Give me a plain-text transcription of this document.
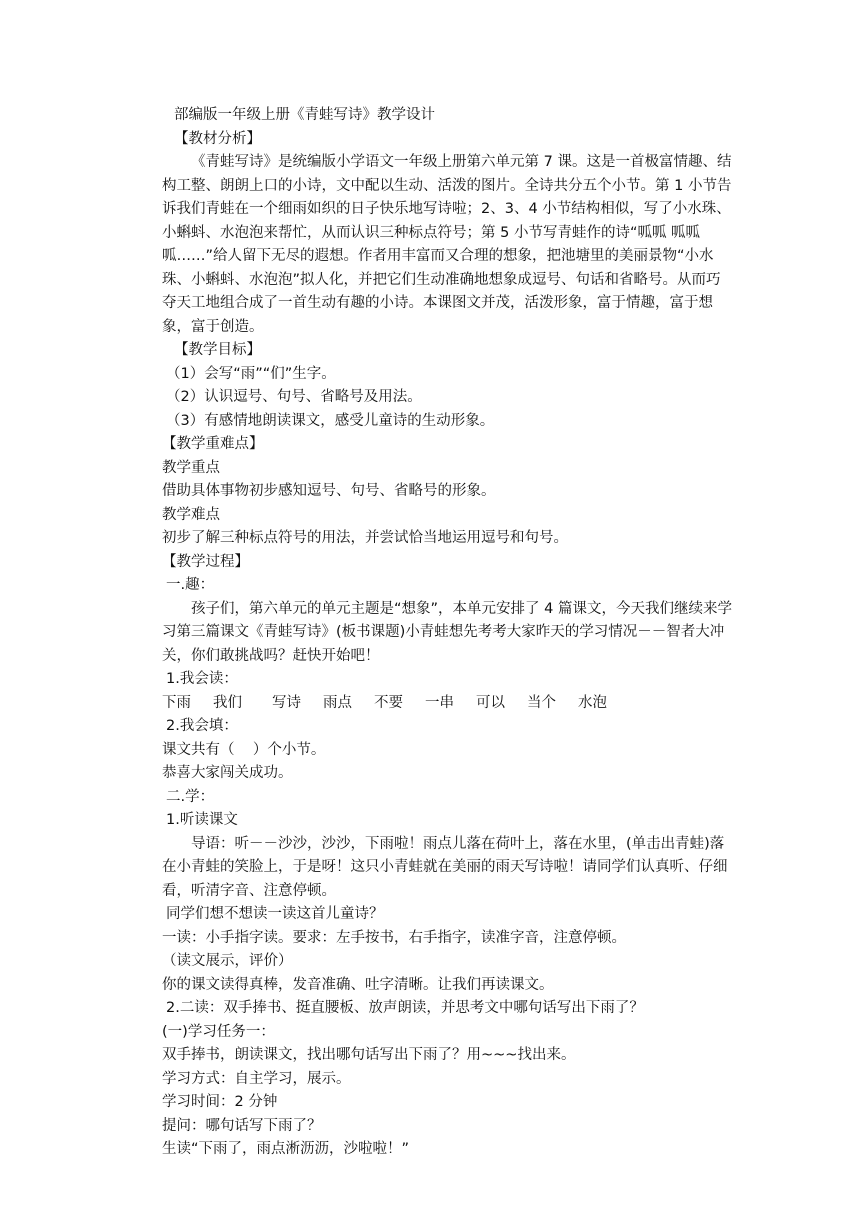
部编版一年级上册《青蛙写诗》教学设计

【教材分析】

《青蛙写诗》是统编版小学语文一年级上册第六单元第 7 课。这是一首极富情趣、结构工整、朗朗上口的小诗，文中配以生动、活泼的图片。全诗共分五个小节。第 1 小节告诉我们青蛙在一个细雨如织的日子快乐地写诗啦；2、3、4 小节结构相似，写了小水珠、小蝌蚪、水泡泡来帮忙，从而认识三种标点符号；第 5 小节写青蛙作的诗“呱呱 呱呱呱……”给人留下无尽的遐想。作者用丰富而又合理的想象，把池塘里的美丽景物“小水珠、小蝌蚪、水泡泡”拟人化，并把它们生动准确地想象成逗号、句话和省略号。从而巧夺天工地组合成了一首生动有趣的小诗。本课图文并茂，活泼形象，富于情趣，富于想象，富于创造。

【教学目标】

（1）会写“雨”“们”生字。

（2）认识逗号、句号、省略号及用法。

（3）有感情地朗读课文，感受儿童诗的生动形象。

【教学重难点】

教学重点

借助具体事物初步感知逗号、句号、省略号的形象。

教学难点

初步了解三种标点符号的用法，并尝试恰当地运用逗号和句号。

【教学过程】

一.趣：

孩子们，第六单元的单元主题是“想象”，本单元安排了 4 篇课文，今天我们继续来学习第三篇课文《青蛙写诗》(板书课题)小青蛙想先考考大家昨天的学习情况－－智者大冲关，你们敢挑战吗？赶快开始吧！

1.我会读：

下雨 我们 写诗 雨点 不要 一串 可以 当个 水泡

2.我会填：

课文共有（    ）个小节。

恭喜大家闯关成功。

二.学：

1.听读课文

导语：听－－沙沙，沙沙，下雨啦！雨点儿落在荷叶上，落在水里，(单击出青蛙)落在小青蛙的笑脸上，于是呀！这只小青蛙就在美丽的雨天写诗啦！请同学们认真听、仔细看，听清字音、注意停顿。

同学们想不想读一读这首儿童诗？

一读：小手指字读。要求：左手按书，右手指字，读准字音，注意停顿。

（读文展示，评价）

你的课文读得真棒，发音准确、吐字清晰。让我们再读课文。

2.二读：双手捧书、挺直腰板、放声朗读，并思考文中哪句话写出下雨了？

(一)学习任务一：

双手捧书，朗读课文，找出哪句话写出下雨了？用~~~找出来。

学习方式：自主学习，展示。

学习时间：2 分钟

提问：哪句话写下雨了？

生读“下雨了，雨点淅沥沥，沙啦啦！”
